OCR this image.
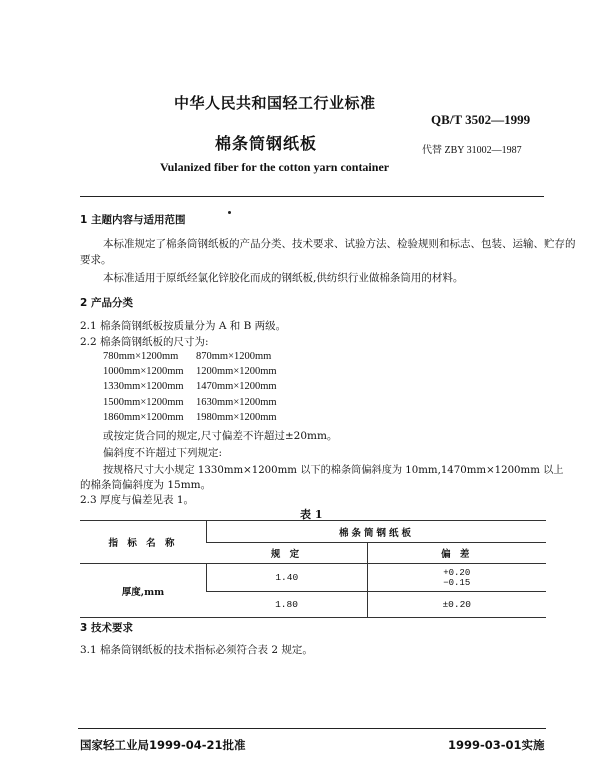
中华人民共和国轻工行业标准
QB/T 3502—1999
棉条筒钢纸板	代替 ZBY 31002—1987
Vulanized fiber for the cotton yarn container
1 主题内容与适用范围
本标准规定了棉条筒钢纸板的产品分类、技术要求、试验方法、检验规则和标志、包装、运输、贮存的
要求。
本标准适用于原纸经氯化锌胶化而成的钢纸板,供纺织行业做棉条筒用的材料。
2 产品分类
2.1 棉条筒钢纸板按质量分为 A 和 B 两级。
2.2 棉条筒钢纸板的尺寸为:
780mm×1200mm 870mm×1200mm
1000mm×1200mm 1200mm×1200mm
1330mm×1200mm 1470mm×1200mm
1500mm×1200mm 1630mm×1200mm
1860mm×1200mm 1980mm×1200mm
或按定货合同的规定,尺寸偏差不许超过±20mm。
偏斜度不许超过下列规定:
按规格尺寸大小规定 1330mm×1200mm 以下的棉条筒偏斜度为 10mm,1470mm×1200mm 以上
的棉条筒偏斜度为 15mm。
2.3 厚度与偏差见表 1。
表 1
指 标 名 称	棉条筒钢纸板	
	规 定	偏 差
厚度,mm	1.40	+0.20
−0.15
	1.80	±0.20
3 技术要求
3.1 棉条筒钢纸板的技术指标必须符合表 2 规定。
国家轻工业局1999-04-21批准	1999-03-01实施
